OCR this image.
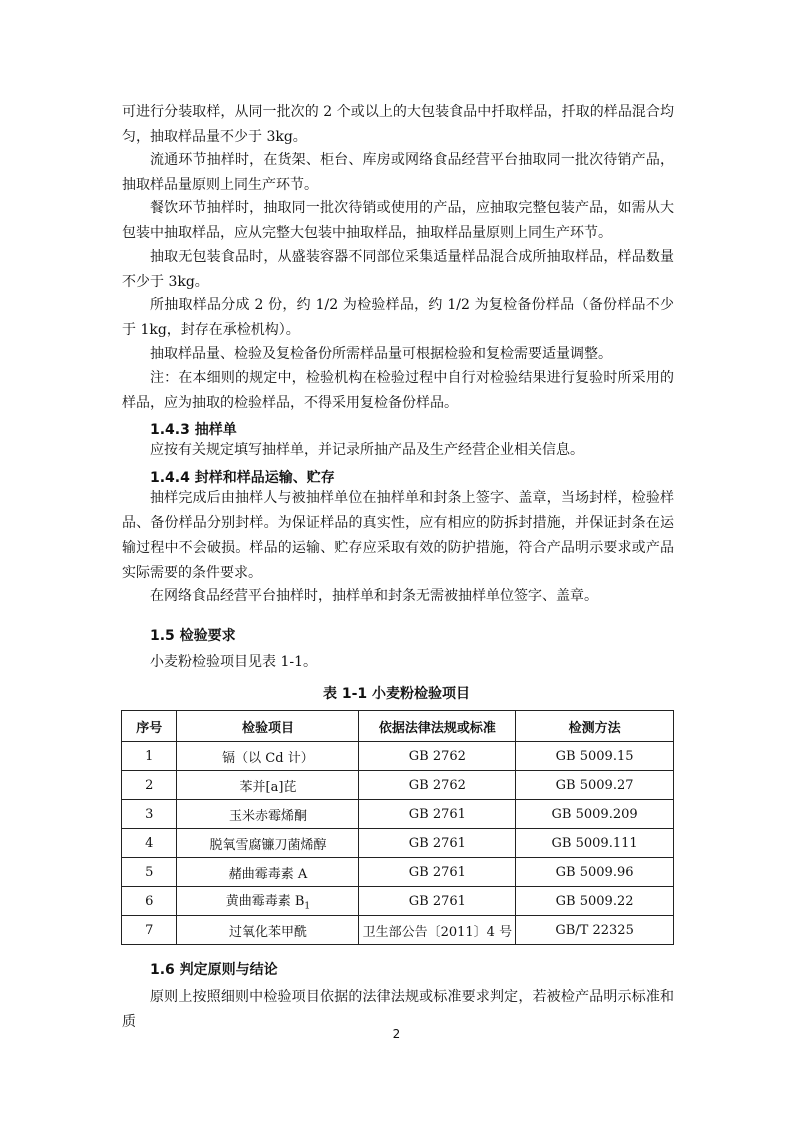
可进行分装取样，从同一批次的 2 个或以上的大包装食品中扦取样品，扦取的样品混合均匀，抽取样品量不少于 3kg。

流通环节抽样时，在货架、柜台、库房或网络食品经营平台抽取同一批次待销产品，抽取样品量原则上同生产环节。

餐饮环节抽样时，抽取同一批次待销或使用的产品，应抽取完整包装产品，如需从大包装中抽取样品，应从完整大包装中抽取样品，抽取样品量原则上同生产环节。

抽取无包装食品时，从盛装容器不同部位采集适量样品混合成所抽取样品，样品数量不少于 3kg。

所抽取样品分成 2 份，约 1/2 为检验样品，约 1/2 为复检备份样品（备份样品不少于 1kg，封存在承检机构）。

抽取样品量、检验及复检备份所需样品量可根据检验和复检需要适量调整。

注：在本细则的规定中，检验机构在检验过程中自行对检验结果进行复验时所采用的样品，应为抽取的检验样品，不得采用复检备份样品。

1.4.3 抽样单

应按有关规定填写抽样单，并记录所抽产品及生产经营企业相关信息。

1.4.4 封样和样品运输、贮存

抽样完成后由抽样人与被抽样单位在抽样单和封条上签字、盖章，当场封样，检验样品、备份样品分别封样。为保证样品的真实性，应有相应的防拆封措施，并保证封条在运输过程中不会破损。样品的运输、贮存应采取有效的防护措施，符合产品明示要求或产品实际需要的条件要求。

在网络食品经营平台抽样时，抽样单和封条无需被抽样单位签字、盖章。

1.5 检验要求

小麦粉检验项目见表 1-1。

表 1-1 小麦粉检验项目
序号	检验项目	依据法律法规或标准	检测方法
1	镉（以 Cd 计）	GB 2762	GB 5009.15
2	苯并[a]芘	GB 2762	GB 5009.27
3	玉米赤霉烯酮	GB 2761	GB 5009.209
4	脱氧雪腐镰刀菌烯醇	GB 2761	GB 5009.111
5	赭曲霉毒素 A	GB 2761	GB 5009.96
6	黄曲霉毒素 $B_1$	GB 2761	GB 5009.22
7	过氧化苯甲酰	卫生部公告〔2011〕4 号	GB/T 22325

1.6 判定原则与结论

原则上按照细则中检验项目依据的法律法规或标准要求判定，若被检产品明示标准和质

2
